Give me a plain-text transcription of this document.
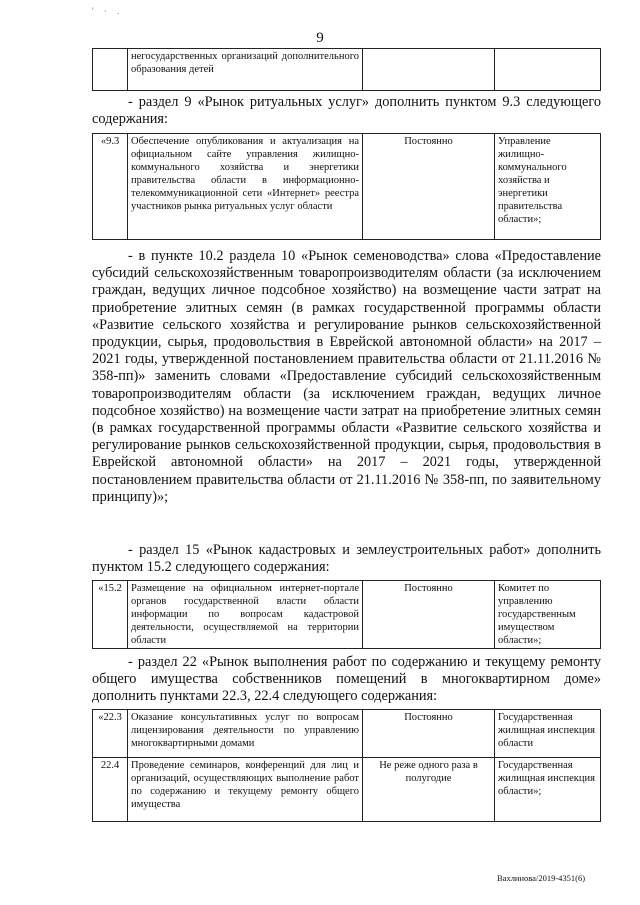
' · .
9
	негосударственных организаций дополнительного образования детей		
- раздел 9 «Рынок ритуальных услуг» дополнить пунктом 9.3 следующего содержания:
«9.3	Обеспечение опубликования и актуализация на официальном сайте управления жилищно-коммунального хозяйства и энергетики правительства области в информационно-телекоммуникационной сети «Интернет» реестра участников рынка ритуальных услуг области	Постоянно	Управление жилищно-коммунального хозяйства и энергетики правительства области»;
- в пункте 10.2 раздела 10 «Рынок семеноводства» слова «Предоставление субсидий сельскохозяйственным товаропроизводителям области (за исключением граждан, ведущих личное подсобное хозяйство) на возмещение части затрат на приобретение элитных семян (в рамках государственной программы области «Развитие сельского хозяйства и регулирование рынков сельскохозяйственной продукции, сырья, продовольствия в Еврейской автономной области» на 2017 – 2021 годы, утвержденной постановлением правительства области от 21.11.2016 № 358-пп)» заменить словами «Предоставление субсидий сельскохозяйственным товаропроизводителям области (за исключением граждан, ведущих личное подсобное хозяйство) на возмещение части затрат на приобретение элитных семян (в рамках государственной программы области «Развитие сельского хозяйства и регулирование рынков сельскохозяйственной продукции, сырья, продовольствия в Еврейской автономной области» на 2017 – 2021 годы, утвержденной постановлением правительства области от 21.11.2016 № 358-пп, по заявительному принципу)»;
- раздел 15 «Рынок кадастровых и землеустроительных работ» дополнить пунктом 15.2 следующего содержания:
«15.2	Размещение на официальном интернет-портале органов государственной власти области информации по вопросам кадастровой деятельности, осуществляемой на территории области	Постоянно	Комитет по управлению государственным имуществом области»;
- раздел 22 «Рынок выполнения работ по содержанию и текущему ремонту общего имущества собственников помещений в многоквартирном доме» дополнить пунктами 22.3, 22.4 следующего содержания:
«22.3	Оказание консультативных услуг по вопросам лицензирования деятельности по управлению многоквартирными домами	Постоянно	Государственная жилищная инспекция области
22.4	Проведение семинаров, конференций для лиц и организаций, осуществляющих выполнение работ по содержанию и текущему ремонту общего имущества	Не реже одного раза в полугодие	Государственная жилищная инспекция области»;
Вахлинова/2019-4351(6)
